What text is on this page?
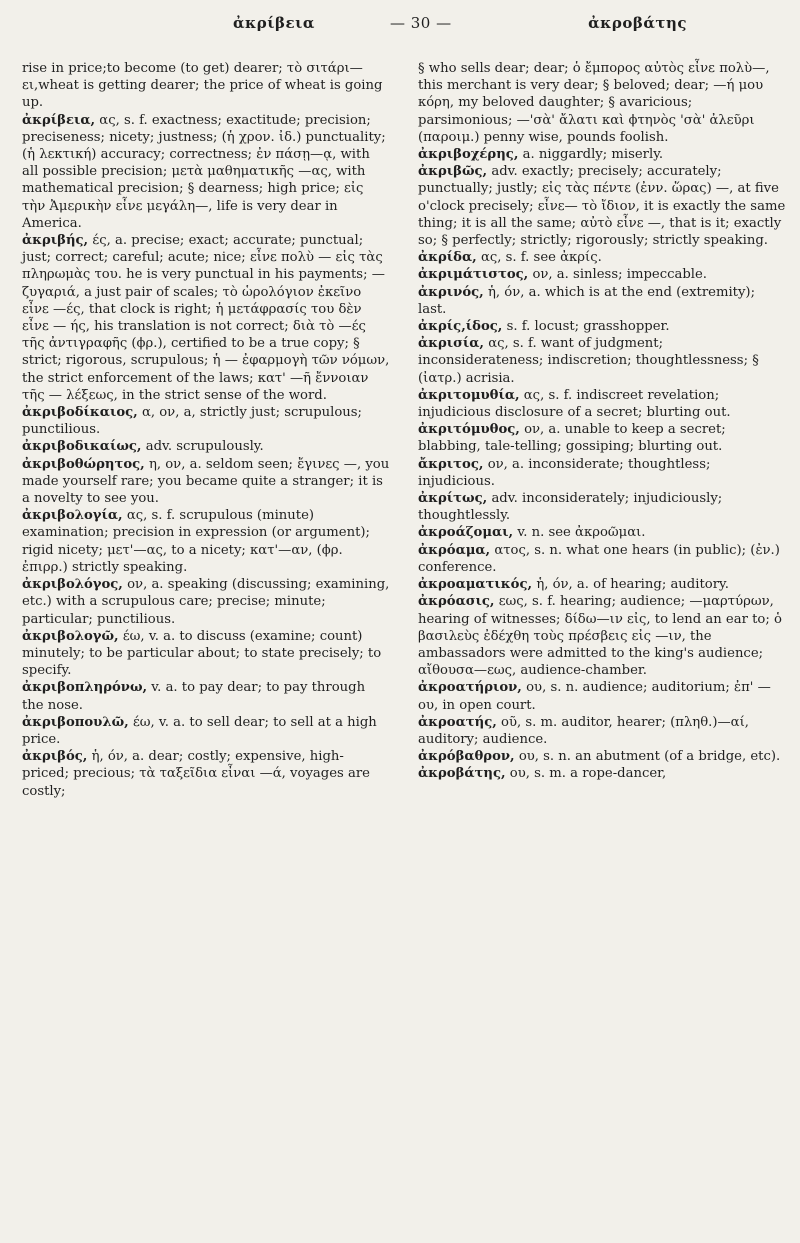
ἀκρίβεια	— 30 —	ἀκροβάτης

rise in price;to become (to get) dearer; τὸ σιτάρι—ει,wheat is getting dearer; the price of wheat is going up.

ἀκρίβεια, ας, s. f. exactness; exactitude; precision; preciseness; nicety; justness; (ἡ χρον. ἰδ.) punctuality; (ἡ λεκτική) accuracy; correctness; ἐν πάσῃ—ᾳ, with all possible precision; μετὰ μαθηματικῆς —ας, with mathematical precision; § dearness; high price; εἰς τὴν Ἀμερικὴν εἶνε μεγάλη—, life is very dear in America.

ἀκριβής, ές, a. precise; exact; accurate; punctual; just; correct; careful; acute; nice; εἶνε πολὺ — εἰς τὰς πληρωμὰς του. he is very punctual in his payments; — ζυγαριά, a just pair of scales; τὸ ὡρολόγιον ἐκεῖνο εἶνε —ές, that clock is right; ἡ μετάφρασίς του δὲν εἶνε — ής, his translation is not correct; διὰ τὸ —ές τῆς ἀντιγραφῆς (ϕρ.), certified to be a true copy; § strict; rigorous, scrupulous; ἡ — ἐφαρμογὴ τῶν νόμων, the strict enforcement of the laws; κατ' —ῆ ἔννοιαν τῆς — λέξεως, in the strict sense of the word.

ἀκριβοδίκαιος, α, ον, a, strictly just; scrupulous; punctilious.

ἀκριβοδικαίως, adv. scrupulously.

ἀκριβοθώρητος, η, ον, a. seldom seen; ἔγινες —, you made yourself rare; you became quite a stranger; it is a novelty to see you.

ἀκριβολογία, ας, s. f. scrupulous (minute) examination; precision in expression (or argument); rigid nicety; μετ'—ας, to a nicety; κατ'—αν, (ϕρ. ἐπιρρ.) strictly speaking.

ἀκριβολόγος, ον, a. speaking (discussing; examining, etc.) with a scrupulous care; precise; minute; particular; punctilious.

ἀκριβολογῶ, έω, v. a. to discuss (examine; count) minutely; to be particular about; to state precisely; to specify.

ἀκριβοπληρόνω, v. a. to pay dear; to pay through the nose.

ἀκριβοπουλῶ, έω, v. a. to sell dear; to sell at a high price.

ἀκριβός, ἡ, όν, a. dear; costly; expensive, high-priced; precious; τὰ ταξεῖδια εἶναι —ά, voyages are costly;

§ who sells dear; dear; ὁ ἔμπορος αὐτὸς εἶνε πολὺ—, this merchant is very dear; § beloved; dear; —ή μου κόρη, my beloved daughter; § avaricious; parsimonious; —'σὰ' ἄλατι καὶ ϕτηνὸς 'σὰ' ἀλεῦρι (παροιμ.) penny wise, pounds foolish.

ἀκριβοχέρης, a. niggardly; miserly.

ἀκριβῶς, adv. exactly; precisely; accurately; punctually; justly; εἰς τὰς πέντε (ἐνν. ὥρας) —, at five o'clock precisely; εἶνε— τὸ ἴδιον, it is exactly the same thing; it is all the same; αὐτὸ εἶνε —, that is it; exactly so; § perfectly; strictly; rigorously; strictly speaking.

ἀκρίδα, ας, s. f. see ἀκρίς.

ἀκριμάτιστος, ον, a. sinless; impeccable.

ἀκρινός, ἡ, όν, a. which is at the end (extremity); last.

ἀκρίς,ίδος, s. f. locust; grasshopper.

ἀκρισία, ας, s. f. want of judgment; inconsiderateness; indiscretion; thoughtlessness; § (ἰατρ.) acrisia.

ἀκριτομυθία, ας, s. f. indiscreet revelation; injudicious disclosure of a secret; blurting out.

ἀκριτόμυθος, ον, a. unable to keep a secret; blabbing, tale-telling; gossiping; blurting out.

ἄκριτος, ον, a. inconsiderate; thoughtless; injudicious.

ἀκρίτως, adv. inconsiderately; injudiciously; thoughtlessly.

ἀκροάζομαι, v. n. see ἀκροῶμαι.

ἀκρόαμα, ατος, s. n. what one hears (in public); (ἐν.) conference.

ἀκροαματικός, ἡ, όν, a. of hearing; auditory.

ἀκρόασις, εως, s. f. hearing; audience; —μαρτύρων, hearing of witnesses; δίδω—ιν εἰς, to lend an ear to; ὁ βασιλεὺς ἐδέχθη τοὺς πρέσβεις εἰς —ιν, the ambassadors were admitted to the king's audience; αἴθουσα—εως, audience-chamber.

ἀκροατήριον, ου, s. n. audience; auditorium; ἐπ' —ου, in open court.

ἀκροατής, οῦ, s. m. auditor, hearer; (πληθ.)—αί, auditory; audience.

ἀκρόβαθρον, ου, s. n. an abutment (of a bridge, etc).

ἀκροβάτης, ου, s. m. a rope-dancer,
